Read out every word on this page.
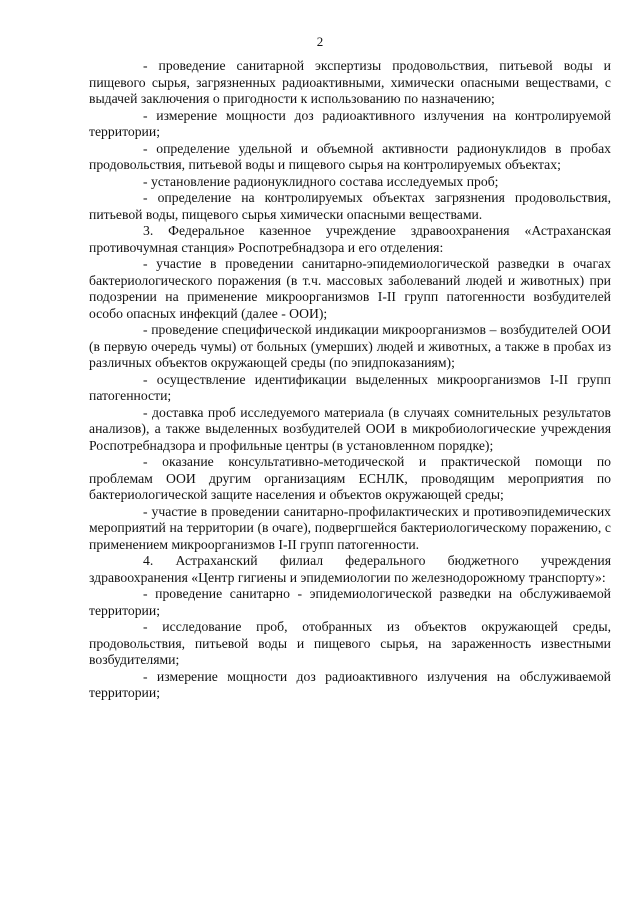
2

- проведение санитарной экспертизы продовольствия, питьевой воды и пищевого сырья, загрязненных радиоактивными, химически опасными веществами, с выдачей заключения о пригодности к использованию по назначению;

- измерение мощности доз радиоактивного излучения на контролируемой территории;

- определение удельной и объемной активности радионуклидов в пробах продовольствия, питьевой воды и пищевого сырья на контролируемых объектах;

- установление радионуклидного состава исследуемых проб;

- определение на контролируемых объектах загрязнения продовольствия, питьевой воды, пищевого сырья химически опасными веществами.

3. Федеральное казенное учреждение здравоохранения «Астраханская противочумная станция» Роспотребнадзора и его отделения:

- участие в проведении санитарно-эпидемиологической разведки в очагах бактериологического поражения (в т.ч. массовых заболеваний людей и животных) при подозрении на применение микроорганизмов I-II групп патогенности возбудителей особо опасных инфекций (далее - ООИ);

- проведение специфической индикации микроорганизмов – возбудителей ООИ (в первую очередь чумы) от больных (умерших) людей и животных, а также в пробах из различных объектов окружающей среды (по эпидпоказаниям);

- осуществление идентификации выделенных микроорганизмов I-II групп патогенности;

- доставка проб исследуемого материала (в случаях сомнительных результатов анализов), а также выделенных возбудителей ООИ в микробиологические учреждения Роспотребнадзора и профильные центры (в установленном порядке);

- оказание консультативно-методической и практической помощи по проблемам ООИ другим организациям ЕСНЛК, проводящим мероприятия по бактериологической защите населения и объектов окружающей среды;

- участие в проведении санитарно-профилактических и противоэпидемических мероприятий на территории (в очаге), подвергшейся бактериологическому поражению, с применением микроорганизмов I-II групп патогенности.

4. Астраханский филиал федерального бюджетного учреждения здравоохранения «Центр гигиены и эпидемиологии по железнодорожному транспорту»:

- проведение санитарно - эпидемиологической разведки на обслуживаемой территории;

- исследование проб, отобранных из объектов окружающей среды, продовольствия, питьевой воды и пищевого сырья, на зараженность известными возбудителями;

- измерение мощности доз радиоактивного излучения на обслуживаемой территории;
